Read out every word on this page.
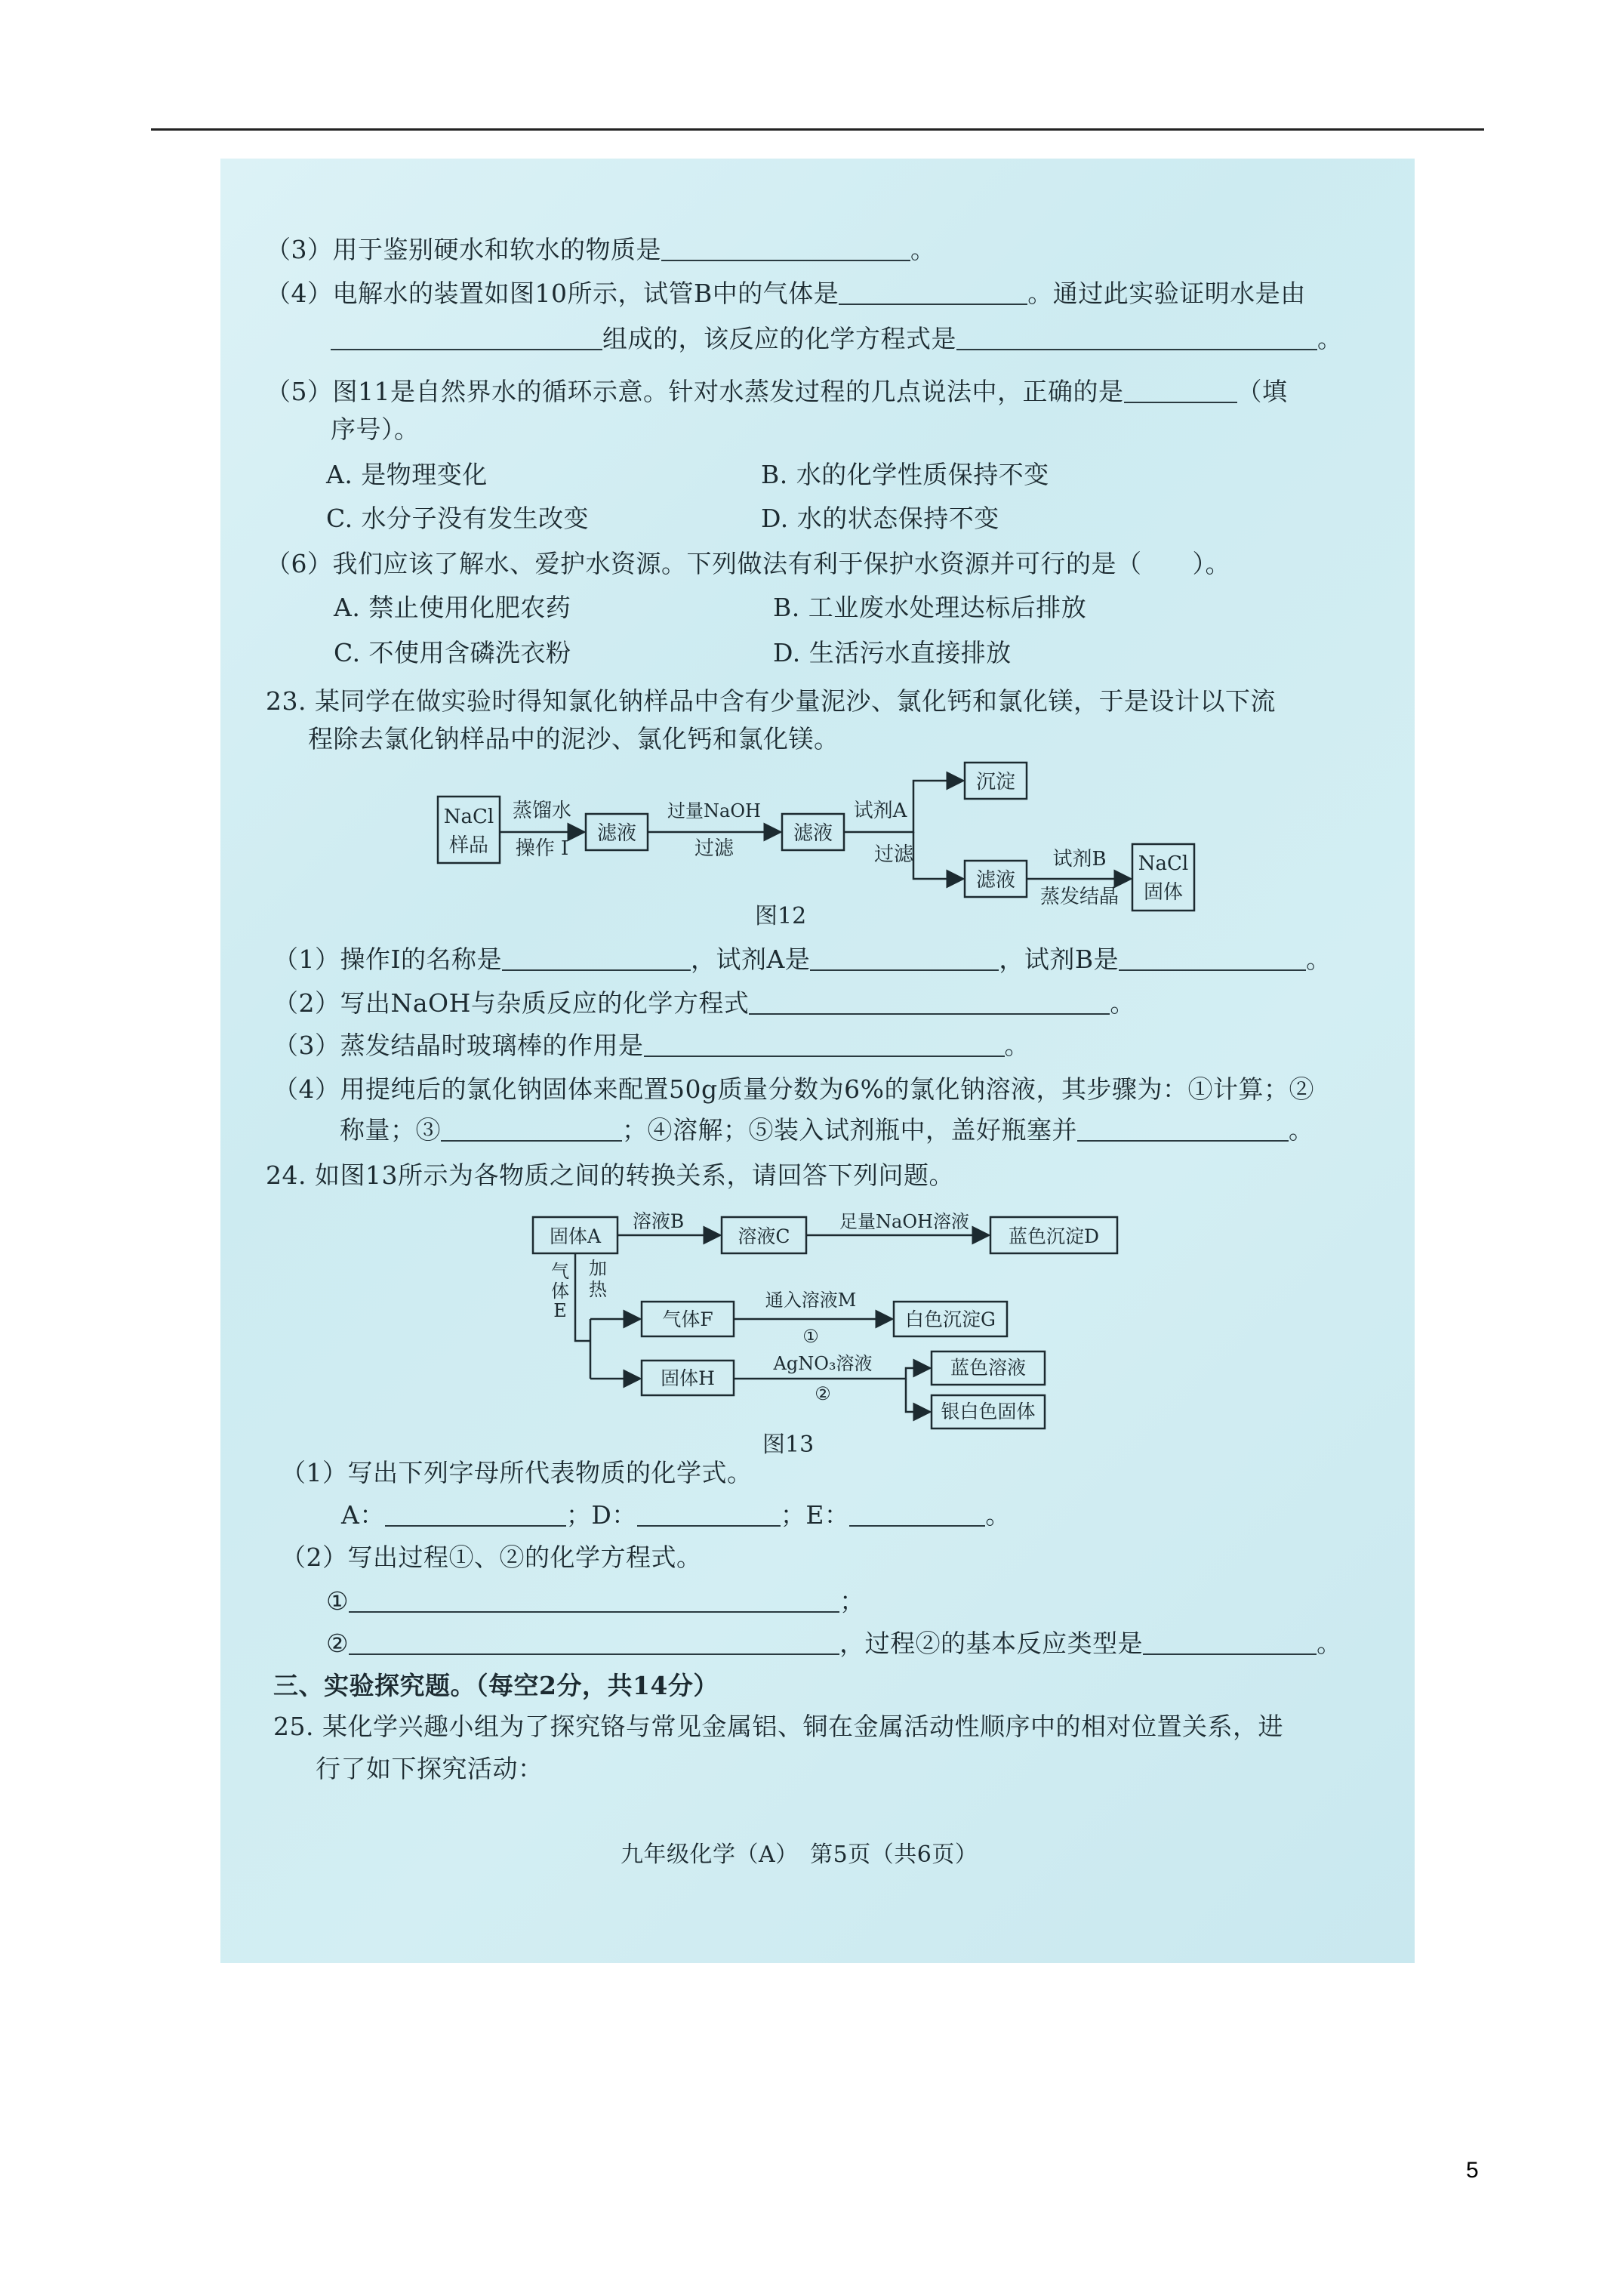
（3）用于鉴别硬水和软水的物质是	。
（4）电解水的装置如图10所示，试管B中的气体是	。通过此实验证明水是由
组成的，该反应的化学方程式是	。
（5）图11是自然界水的循环示意。针对水蒸发过程的几点说法中，正确的是	（填
序号）。
A. 是物理变化	B. 水的化学性质保持不变
C. 水分子没有发生改变	D. 水的状态保持不变
（6）我们应该了解水、爱护水资源。下列做法有利于保护水资源并可行的是（　　）。
A. 禁止使用化肥农药	B. 工业废水处理达标后排放
C. 不使用含磷洗衣粉	D. 生活污水直接排放
23. 某同学在做实验时得知氯化钠样品中含有少量泥沙、氯化钙和氯化镁，于是设计以下流
程除去氯化钠样品中的泥沙、氯化钙和氯化镁。
NaCl
样品
蒸馏水
操作 I
滤液
过量NaOH
过滤
滤液
试剂A
过滤
沉淀
滤液
试剂B
蒸发结晶
NaCl
固体
图12
（1）操作Ⅰ的名称是	，试剂A是	，试剂B是	。
（2）写出NaOH与杂质反应的化学方程式	。
（3）蒸发结晶时玻璃棒的作用是	。
（4）用提纯后的氯化钠固体来配置50g质量分数为6%的氯化钠溶液，其步骤为：①计算；②
称量；③	；④溶解；⑤装入试剂瓶中，盖好瓶塞并	。
24. 如图13所示为各物质之间的转换关系，请回答下列问题。
固体A
溶液B
溶液C
足量NaOH溶液
蓝色沉淀D
气
体
E
加
热
气体F
通入溶液M
①
白色沉淀G
固体H
AgNO₃溶液
②
蓝色溶液
银白色固体
图13
（1）写出下列字母所代表物质的化学式。
A：	；D：	；E：	。
（2）写出过程①、②的化学方程式。
①	；
②	，过程②的基本反应类型是	。
三、实验探究题。（每空2分，共14分）
25. 某化学兴趣小组为了探究铬与常见金属铝、铜在金属活动性顺序中的相对位置关系，进
行了如下探究活动：
九年级化学（A）　第5页（共6页）
5
